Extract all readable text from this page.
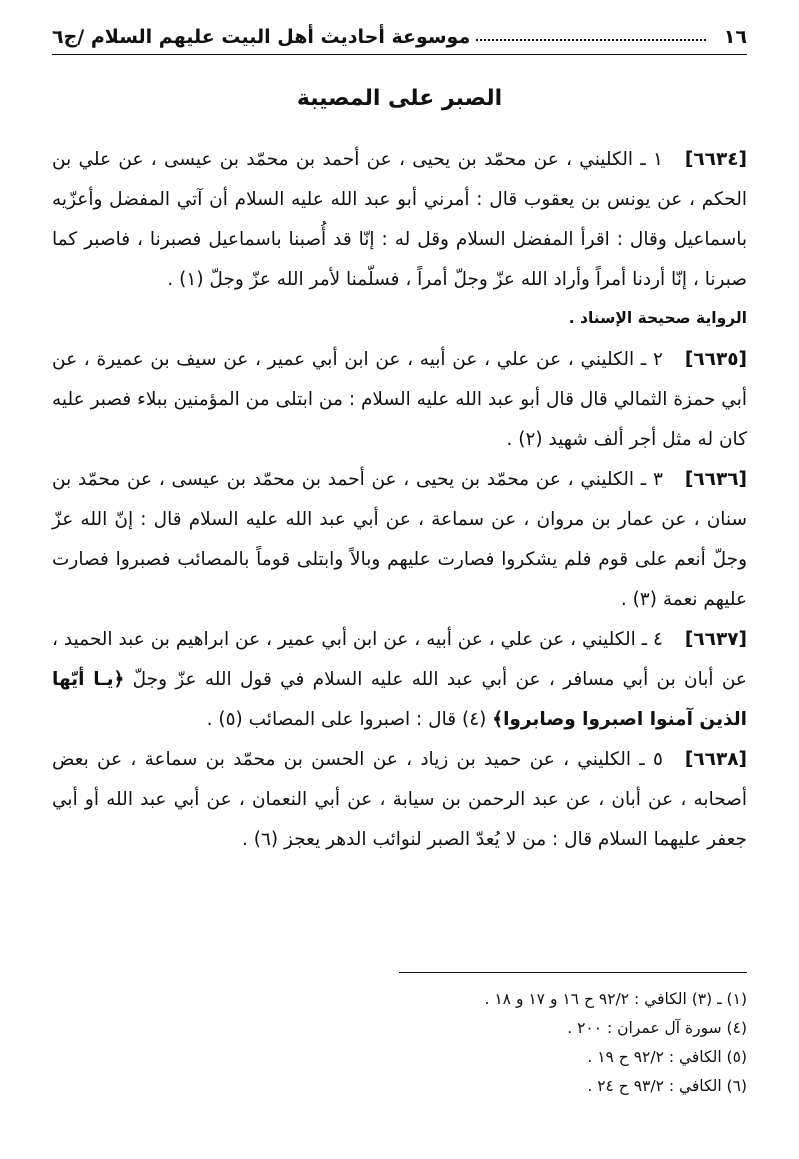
١٦
موسوعة أحاديث أهل البيت عليهم السلام /ج٦
الصبر على المصيبة

[٦٦٣٤]١ ـ الكليني ، عن محمّد بن يحيى ، عن أحمد بن محمّد بن عيسى ، عن علي بن الحكم ، عن يونس بن يعقوب قال : أمرني أبو عبد الله عليه السلام أن آتي المفضل وأعزّيه باسماعيل وقال : اقرأ المفضل السلام وقل له : إنّا قد أُصبنا باسماعيل فصبرنا ، فاصبر كما صبرنا ، إنّا أردنا أمراً وأراد الله عزّ وجلّ أمراً ، فسلّمنا لأمر الله عزّ وجلّ (١) .

الرواية صحيحة الإسناد .

[٦٦٣٥]٢ ـ الكليني ، عن علي ، عن أبيه ، عن ابن أبي عمير ، عن سيف بن عميرة ، عن أبي حمزة الثمالي قال قال أبو عبد الله عليه السلام : من ابتلى من المؤمنين ببلاء فصبر عليه كان له مثل أجر ألف شهيد (٢) .

[٦٦٣٦]٣ ـ الكليني ، عن محمّد بن يحيى ، عن أحمد بن محمّد بن عيسى ، عن محمّد بن سنان ، عن عمار بن مروان ، عن سماعة ، عن أبي عبد الله عليه السلام قال : إنّ الله عزّ وجلّ أنعم على قوم فلم يشكروا فصارت عليهم وبالاً وابتلى قوماً بالمصائب فصبروا فصارت عليهم نعمة (٣) .

[٦٦٣٧]٤ ـ الكليني ، عن علي ، عن أبيه ، عن ابن أبي عمير ، عن ابراهيم بن عبد الحميد ، عن أبان بن أبي مسافر ، عن أبي عبد الله عليه السلام في قول الله عزّ وجلّ ﴿يـا أيّها الذين آمنوا اصبروا وصابروا﴾ (٤) قال : اصبروا على المصائب (٥) .

[٦٦٣٨]٥ ـ الكليني ، عن حميد بن زياد ، عن الحسن بن محمّد بن سماعة ، عن بعض أصحابه ، عن أبان ، عن عبد الرحمن بن سيابة ، عن أبي النعمان ، عن أبي عبد الله أو أبي جعفر عليهما السلام قال : من لا يُعدّ الصبر لنوائب الدهر يعجز (٦) .

(١) ـ (٣) الكافي : ٩٢/٢ ح ١٦ و ١٧ و ١٨ .

(٤) سورة آل عمران : ٢٠٠ .

(٥) الكافي : ٩٢/٢ ح ١٩ .

(٦) الكافي : ٩٣/٢ ح ٢٤ .
